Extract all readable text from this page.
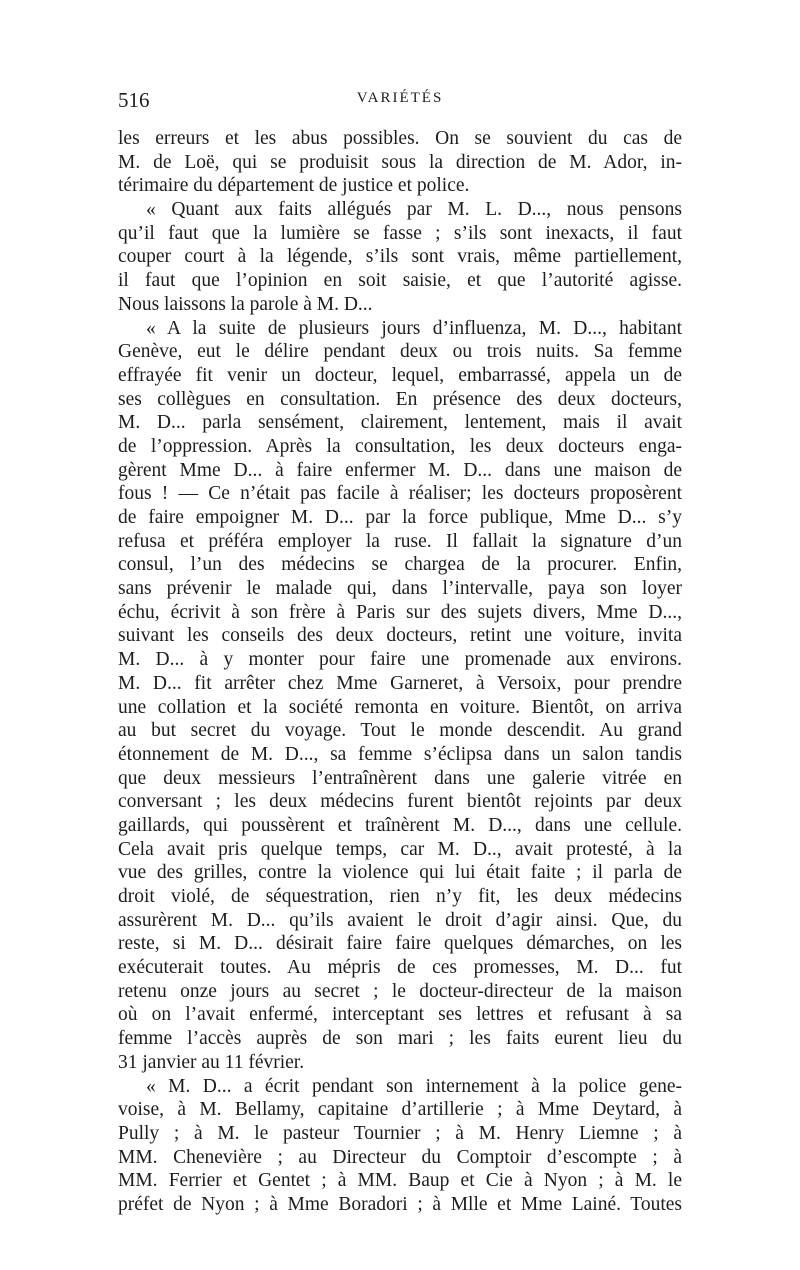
516	VARIÉTÉS
les erreurs et les abus possibles. On se souvient du cas de
M. de Loë, qui se produisit sous la direction de M. Ador, in-
térimaire du département de justice et police.
« Quant aux faits allégués par M. L. D..., nous pensons
qu’il faut que la lumière se fasse ; s’ils sont inexacts, il faut
couper court à la légende, s’ils sont vrais, même partiellement,
il faut que l’opinion en soit saisie, et que l’autorité agisse.
Nous laissons la parole à M. D...
« A la suite de plusieurs jours d’influenza, M. D..., habitant
Genève, eut le délire pendant deux ou trois nuits. Sa femme
effrayée fit venir un docteur, lequel, embarrassé, appela un de
ses collègues en consultation. En présence des deux docteurs,
M. D... parla sensément, clairement, lentement, mais il avait
de l’oppression. Après la consultation, les deux docteurs enga-
gèrent Mme D... à faire enfermer M. D... dans une maison de
fous ! — Ce n’était pas facile à réaliser; les docteurs proposèrent
de faire empoigner M. D... par la force publique, Mme D... s’y
refusa et préféra employer la ruse. Il fallait la signature d’un
consul, l’un des médecins se chargea de la procurer. Enfin,
sans prévenir le malade qui, dans l’intervalle, paya son loyer
échu, écrivit à son frère à Paris sur des sujets divers, Mme D...,
suivant les conseils des deux docteurs, retint une voiture, invita
M. D... à y monter pour faire une promenade aux environs.
M. D... fit arrêter chez Mme Garneret, à Versoix, pour prendre
une collation et la société remonta en voiture. Bientôt, on arriva
au but secret du voyage. Tout le monde descendit. Au grand
étonnement de M. D..., sa femme s’éclipsa dans un salon tandis
que deux messieurs l’entraînèrent dans une galerie vitrée en
conversant ; les deux médecins furent bientôt rejoints par deux
gaillards, qui poussèrent et traînèrent M. D..., dans une cellule.
Cela avait pris quelque temps, car M. D.., avait protesté, à la
vue des grilles, contre la violence qui lui était faite ; il parla de
droit violé, de séquestration, rien n’y fit, les deux médecins
assurèrent M. D... qu’ils avaient le droit d’agir ainsi. Que, du
reste, si M. D... désirait faire faire quelques démarches, on les
exécuterait toutes. Au mépris de ces promesses, M. D... fut
retenu onze jours au secret ; le docteur-directeur de la maison
où on l’avait enfermé, interceptant ses lettres et refusant à sa
femme l’accès auprès de son mari ; les faits eurent lieu du
31 janvier au 11 février.
« M. D... a écrit pendant son internement à la police gene-
voise, à M. Bellamy, capitaine d’artillerie ; à Mme Deytard, à
Pully ; à M. le pasteur Tournier ; à M. Henry Liemne ; à
MM. Chenevière ; au Directeur du Comptoir d’escompte ; à
MM. Ferrier et Gentet ; à MM. Baup et Cie à Nyon ; à M. le
préfet de Nyon ; à Mme Boradori ; à Mlle et Mme Lainé. Toutes
